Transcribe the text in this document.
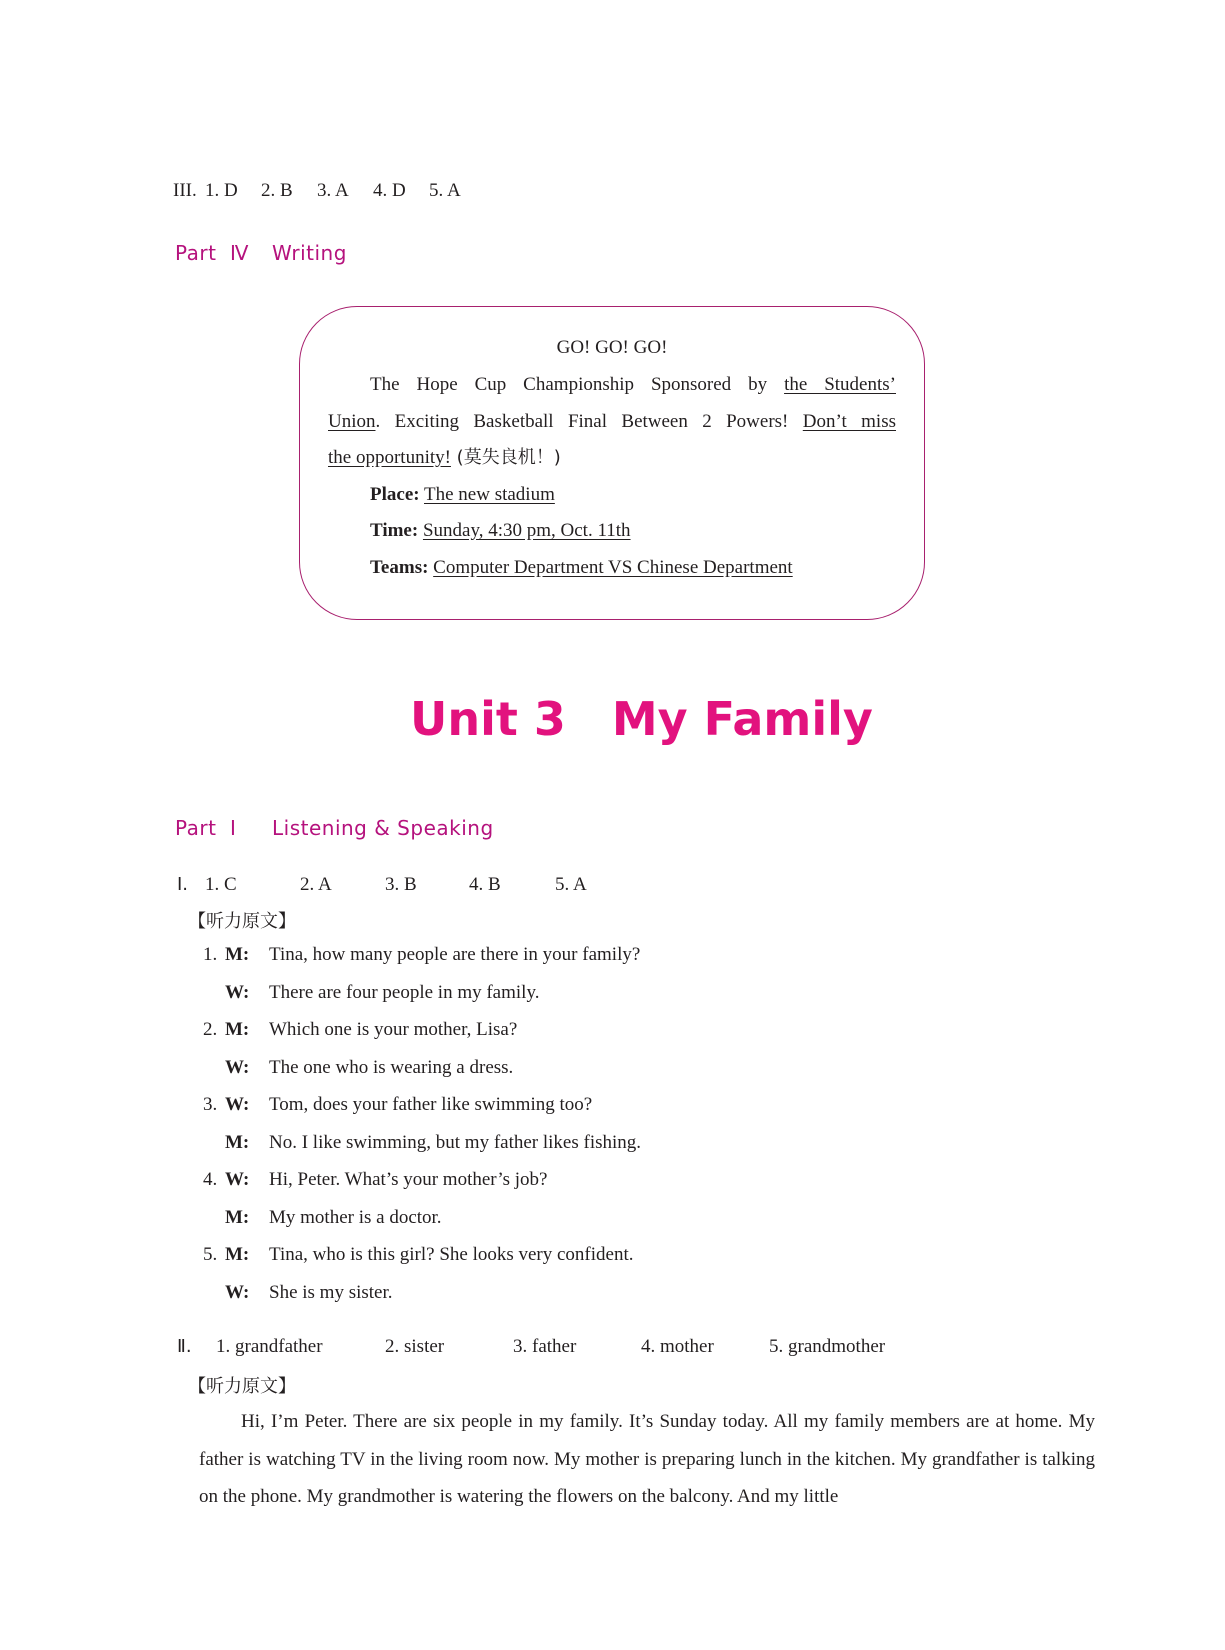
III. 1. D 2. B 3. A 4. D 5. A
Part Ⅳ Writing
GO! GO! GO!
The Hope Cup Championship Sponsored by the Students’
Union. Exciting Basketball Final Between 2 Powers! Don’t miss
the opportunity! (莫失良机！)
Place: The new stadium
Time: Sunday, 4:30 pm, Oct. 11th
Teams: Computer Department VS Chinese Department
Unit 3 My Family
Part Ⅰ Listening & Speaking
Ⅰ. 1. C	2. A	3. B	4. B	5. A
【听力原文】
1. M: Tina, how many people are there in your family?
W: There are four people in my family.
2. M: Which one is your mother, Lisa?
W: The one who is wearing a dress.
3. W: Tom, does your father like swimming too?
M: No. I like swimming, but my father likes fishing.
4. W: Hi, Peter. What’s your mother’s job?
M: My mother is a doctor.
5. M: Tina, who is this girl? She looks very confident.
W: She is my sister.
Ⅱ. 1. grandfather	2. sister	3. father	4. mother	5. grandmother
【听力原文】
Hi, I’m Peter. There are six people in my family. It’s Sunday today. All my family members are at home. My father is watching TV in the living room now. My mother is preparing lunch in the kitchen. My grandfather is talking on the phone. My grandmother is watering the flowers on the balcony. And my little
